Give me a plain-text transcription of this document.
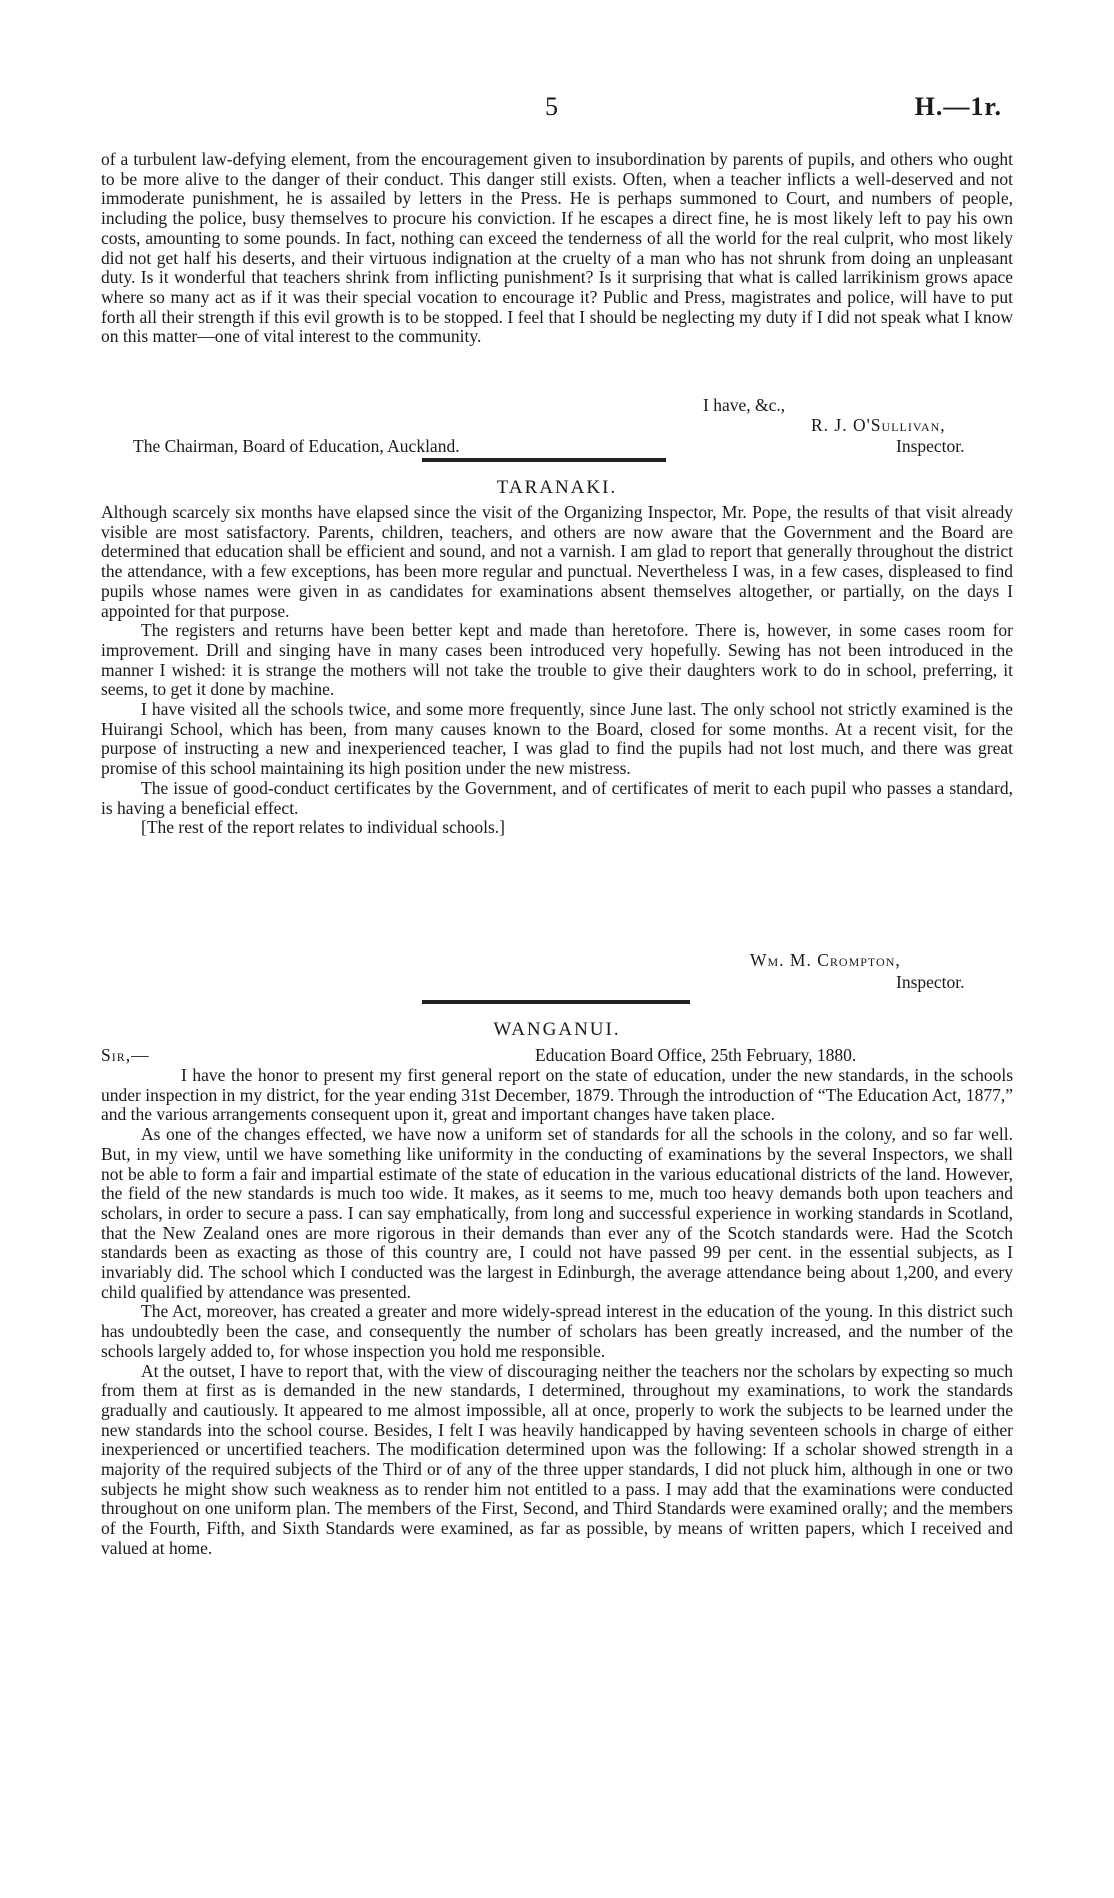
5	H.—1r.

of a turbulent law-defying element, from the encouragement given to insubordination by parents of pupils, and others who ought to be more alive to the danger of their conduct. This danger still exists. Often, when a teacher inflicts a well-deserved and not immoderate punishment, he is assailed by letters in the Press. He is perhaps summoned to Court, and numbers of people, including the police, busy themselves to procure his conviction. If he escapes a direct fine, he is most likely left to pay his own costs, amounting to some pounds. In fact, nothing can exceed the tenderness of all the world for the real culprit, who most likely did not get half his deserts, and their virtuous indignation at the cruelty of a man who has not shrunk from doing an unpleasant duty. Is it wonderful that teachers shrink from inflicting punishment? Is it surprising that what is called larrikinism grows apace where so many act as if it was their special vocation to encourage it? Public and Press, magistrates and police, will have to put forth all their strength if this evil growth is to be stopped. I feel that I should be neglecting my duty if I did not speak what I know on this matter—one of vital interest to the community.

I have, &c.,
R. J. O'Sullivan,
The Chairman, Board of Education, Auckland.	Inspector.
TARANAKI.

Although scarcely six months have elapsed since the visit of the Organizing Inspector, Mr. Pope, the results of that visit already visible are most satisfactory. Parents, children, teachers, and others are now aware that the Government and the Board are determined that education shall be efficient and sound, and not a varnish. I am glad to report that generally throughout the district the attendance, with a few exceptions, has been more regular and punctual. Nevertheless I was, in a few cases, displeased to find pupils whose names were given in as candidates for examinations absent themselves altogether, or partially, on the days I appointed for that purpose.

The registers and returns have been better kept and made than heretofore. There is, however, in some cases room for improvement. Drill and singing have in many cases been introduced very hopefully. Sewing has not been introduced in the manner I wished: it is strange the mothers will not take the trouble to give their daughters work to do in school, preferring, it seems, to get it done by machine.

I have visited all the schools twice, and some more frequently, since June last. The only school not strictly examined is the Huirangi School, which has been, from many causes known to the Board, closed for some months. At a recent visit, for the purpose of instructing a new and inexperienced teacher, I was glad to find the pupils had not lost much, and there was great promise of this school maintaining its high position under the new mistress.

The issue of good-conduct certificates by the Government, and of certificates of merit to each pupil who passes a standard, is having a beneficial effect.

[The rest of the report relates to individual schools.]

Wm. M. Crompton,
Inspector.
WANGANUI.
Sir,—	Education Board Office, 25th February, 1880.

I have the honor to present my first general report on the state of education, under the new standards, in the schools under inspection in my district, for the year ending 31st December, 1879. Through the introduction of “The Education Act, 1877,” and the various arrangements consequent upon it, great and important changes have taken place.

As one of the changes effected, we have now a uniform set of standards for all the schools in the colony, and so far well. But, in my view, until we have something like uniformity in the conducting of examinations by the several Inspectors, we shall not be able to form a fair and impartial estimate of the state of education in the various educational districts of the land. However, the field of the new standards is much too wide. It makes, as it seems to me, much too heavy demands both upon teachers and scholars, in order to secure a pass. I can say emphatically, from long and successful experience in working standards in Scotland, that the New Zealand ones are more rigorous in their demands than ever any of the Scotch standards were. Had the Scotch standards been as exacting as those of this country are, I could not have passed 99 per cent. in the essential subjects, as I invariably did. The school which I conducted was the largest in Edinburgh, the average attendance being about 1,200, and every child qualified by attendance was presented.

The Act, moreover, has created a greater and more widely-spread interest in the education of the young. In this district such has undoubtedly been the case, and consequently the number of scholars has been greatly increased, and the number of the schools largely added to, for whose inspection you hold me responsible.

At the outset, I have to report that, with the view of discouraging neither the teachers nor the scholars by expecting so much from them at first as is demanded in the new standards, I determined, throughout my examinations, to work the standards gradually and cautiously. It appeared to me almost impossible, all at once, properly to work the subjects to be learned under the new standards into the school course. Besides, I felt I was heavily handicapped by having seventeen schools in charge of either inexperienced or uncertified teachers. The modification determined upon was the following: If a scholar showed strength in a majority of the required subjects of the Third or of any of the three upper standards, I did not pluck him, although in one or two subjects he might show such weakness as to render him not entitled to a pass. I may add that the examinations were conducted throughout on one uniform plan. The members of the First, Second, and Third Standards were examined orally; and the members of the Fourth, Fifth, and Sixth Standards were examined, as far as possible, by means of written papers, which I received and valued at home.
